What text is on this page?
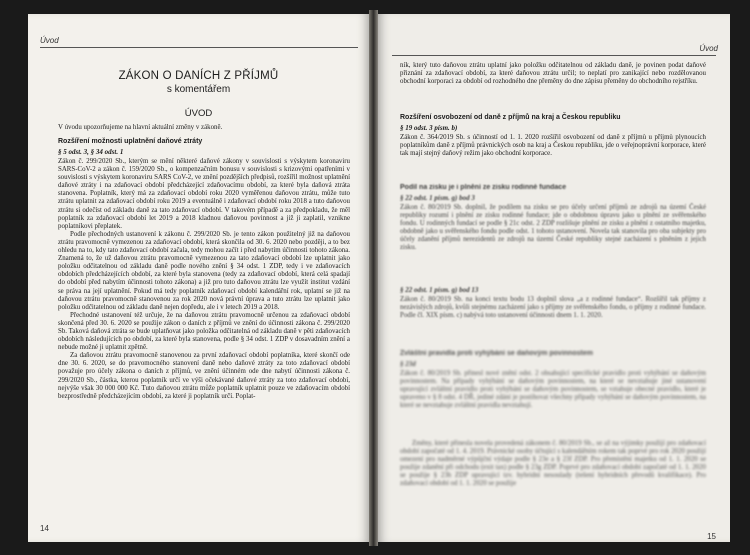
Úvod
ZÁKON O DANÍCH Z PŘÍJMŮ
s komentářem
ÚVOD
V úvodu upozorňujeme na hlavní aktuální změny v zákoně.
Rozšíření možnosti uplatnění daňové ztráty
§ 5 odst. 3, § 34 odst. 1

Zákon č. 299/2020 Sb., kterým se mění některé daňové zákony v souvislosti s výskytem koronaviru SARS-CoV-2 a zákon č. 159/2020 Sb., o kompenzačním bonusu v souvislosti s krizovými opatřeními v souvislosti s výskytem koronaviru SARS CoV-2, ve znění pozdějších předpisů, rozšířil možnost uplatnění daňové ztráty i na zdaňovací období předcházející zdaňovacímu období, za které byla daňová ztráta stanovena. Poplatník, který má za zdaňovací období roku 2020 vyměřenou daňovou ztrátu, může tuto ztrátu uplatnit za zdaňovací období roku 2019 a eventuálně i zdaňovací období roku 2018 a tuto daňovou ztrátu si odečíst od základu daně za tato zdaňovací období. V takovém případě a za předpokladu, že měl poplatník za zdaňovací období let 2019 a 2018 kladnou daňovou povinnost a již ji zaplatil, vznikne poplatníkovi přeplatek.

Podle přechodných ustanovení k zákonu č. 299/2020 Sb. je tento zákon použitelný již na daňovou ztrátu pravomocně vymezenou za zdaňovací období, která skončila od 30. 6. 2020 nebo později, a to bez ohledu na to, kdy tato zdaňovací období začala, tedy mohou začít i před nabytím účinnosti tohoto zákona. Znamená to, že už daňovou ztrátu pravomocně vymezenou za tato zdaňovací období lze uplatnit jako položku odčitatelnou od základu daně podle nového znění § 34 odst. 1 ZDP, tedy i ve zdaňovacích obdobích předcházejících období, za které byla stanovena (tedy za zdaňovací období, která celá spadají do období před nabytím účinnosti tohoto zákona) a již pro tuto daňovou ztrátu lze využít institut vzdání se práva na její uplatnění. Pokud má tedy poplatník zdaňovací období kalendářní rok, uplatní se již na daňovou ztrátu pravomocně stanovenou za rok 2020 nová právní úprava a tuto ztrátu lze uplatnit jako položku odčitatelnou od základu daně nejen dopředu, ale i v letech 2019 a 2018.

Přechodné ustanovení též určuje, že na daňovou ztrátu pravomocně určenou za zdaňovací období skončená před 30. 6. 2020 se použije zákon o daních z příjmů ve znění do účinnosti zákona č. 299/2020 Sb. Taková daňová ztráta se bude uplatňovat jako položka odčitatelná od základu daně v pěti zdaňovacích obdobích následujících po období, za které byla stanovena, podle § 34 odst. 1 ZDP v dosavadním znění a nebude možné ji uplatnit zpětně.

Za daňovou ztrátu pravomocně stanovenou za první zdaňovací období poplatníka, které skončí ode dne 30. 6. 2020, se do pravomocného stanovení daně nebo daňové ztráty za toto zdaňovací období považuje pro účely zákona o daních z příjmů, ve znění účinném ode dne nabytí účinnosti zákona č. 299/2020 Sb., částka, kterou poplatník určí ve výši očekávané daňové ztráty za toto zdaňovací období, nejvýše však 30 000 000 Kč. Tuto daňovou ztrátu může poplatník uplatnit pouze ve zdaňovacím období bezprostředně předcházejícím období, za které ji poplatník určí. Poplat-

14
Úvod
ník, který tuto daňovou ztrátu uplatní jako položku odčitatelnou od základu daně, je povinen podat daňové přiznání za zdaňovací období, za které daňovou ztrátu určil; to neplatí pro zanikající nebo rozdělovanou obchodní korporaci za období od rozhodného dne přeměny do dne zápisu přeměny do obchodního rejstříku.
Rozšíření osvobození od daně z příjmů na kraj a Českou republiku
§ 19 odst. 3 písm. b)
Zákon č. 364/2019 Sb. s účinností od 1. 1. 2020 rozšířil osvobození od daně z příjmů u příjmů plynoucích poplatníkům daně z příjmů právnických osob na kraj a Českou republiku, jde o veřejnoprávní korporace, které tak mají stejný daňový režim jako obchodní korporace.
Podíl na zisku je i plnění ze zisku rodinné fundace
§ 22 odst. 1 písm. g) bod 3
Zákon č. 80/2019 Sb. doplnil, že podílem na zisku se pro účely určení příjmů ze zdrojů na území České republiky rozumí i plnění ze zisku rodinné fundace; jde o obdobnou úpravu jako u plnění ze svěřenského fondu. U rodinných fundací se podle § 21c odst. 2 ZDP rozlišuje plnění ze zisku a plnění z ostatního majetku, obdobně jako u svěřenského fondu podle odst. 1 tohoto ustanovení. Novela tak stanovila pro oba subjekty pro účely zdanění příjmů nerezidentů ze zdrojů na území České republiky stejné zacházení s plněním z jejich zisku.
§ 22 odst. 1 písm. g) bod 13
Zákon č. 80/2019 Sb. na konci textu bodu 13 doplnil slova „a z rodinné fundace“. Rozšířil tak příjmy z nezávislých zdrojů, kvůli stejnému zacházení jako s příjmy ze svěřenského fondu, o příjmy z rodinné fundace. Podle čl. XIX písm. c) nabývá toto ustanovení účinnosti dnem 1. 1. 2020.
Zvláštní pravidla proti vyhýbání se daňovým povinnostem
§ 23d
Zákon č. 80/2019 Sb. přinesl nové znění odst. 2 obsahující specifické pravidlo proti vyhýbání se daňovým povinnostem. Na případy vyhýbání se daňovým povinnostem, na které se nevztahuje jiné ustanovení upravující zvláštní pravidlo proti vyhýbání se daňovým povinnostem, se vztahuje obecné pravidlo, které je upraveno v § 8 odst. 4 DŘ, jediné zdání je postihovat všechny případy vyhýbání se daňovým povinnostem, na které se nevztahuje zvláštní pravidla nevztahují.
Změny, které přinesla novela provedená zákonem č. 80/2019 Sb., se až na výjimky použijí pro zdaňovací období započaté od 1. 4. 2019. Právnické osoby účtující s kalendářním rokem tak poprvé pro rok 2020 použijí omezení pro nadměrné výpůjční výdaje podle § 23e a § 23f ZDP. Pro přemístění majetku od 1. 1. 2020 se použije zdanění při odchodu (exit tax) podle § 23g ZDP. Poprvé pro zdaňovací období započaté od 1. 1. 2020 se použije § 23h ZDP upravující tzv. hybridní nesoulady (tešení hybridních převodů kvalifikace). Pro zdaňovací období od 1. 1. 2020 se použije
15
